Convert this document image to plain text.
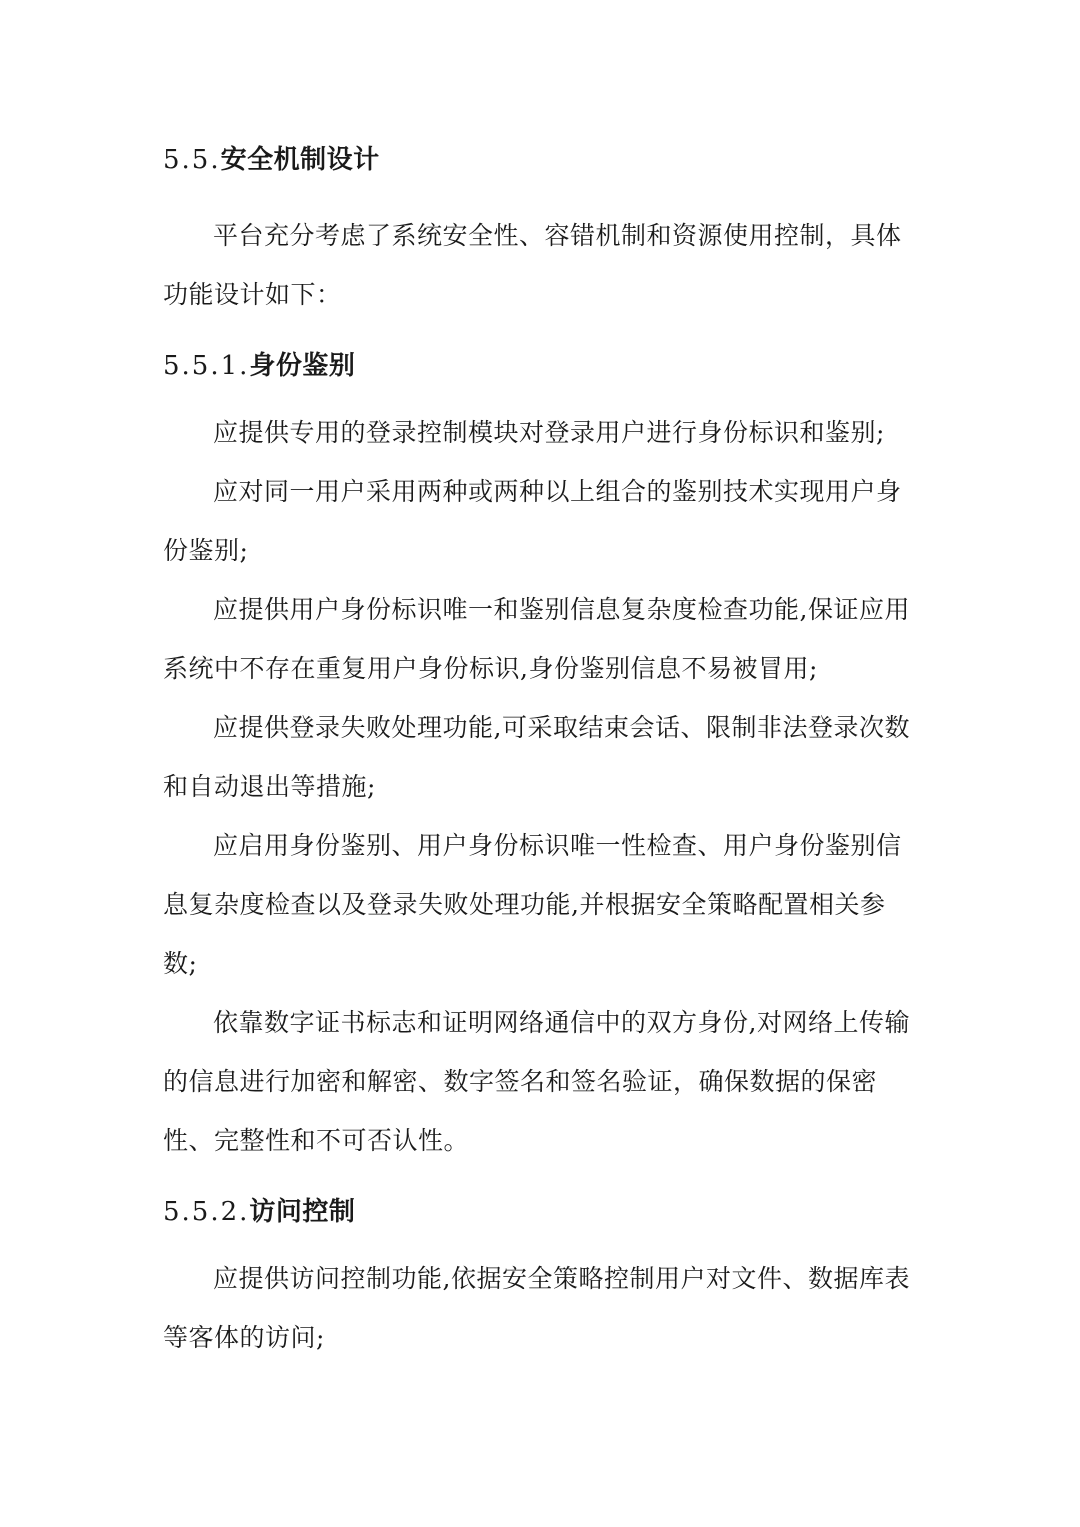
5.5.安全机制设计

平台充分考虑了系统安全性、容错机制和资源使用控制，具体功能设计如下：

5.5.1.身份鉴别

应提供专用的登录控制模块对登录用户进行身份标识和鉴别;

应对同一用户采用两种或两种以上组合的鉴别技术实现用户身份鉴别;

应提供用户身份标识唯一和鉴别信息复杂度检查功能,保证应用系统中不存在重复用户身份标识,身份鉴别信息不易被冒用;

应提供登录失败处理功能,可采取结束会话、限制非法登录次数和自动退出等措施;

应启用身份鉴别、用户身份标识唯一性检查、用户身份鉴别信息复杂度检查以及登录失败处理功能,并根据安全策略配置相关参数;

依靠数字证书标志和证明网络通信中的双方身份,对网络上传输的信息进行加密和解密、数字签名和签名验证，确保数据的保密性、完整性和不可否认性。

5.5.2.访问控制

应提供访问控制功能,依据安全策略控制用户对文件、数据库表等客体的访问;
